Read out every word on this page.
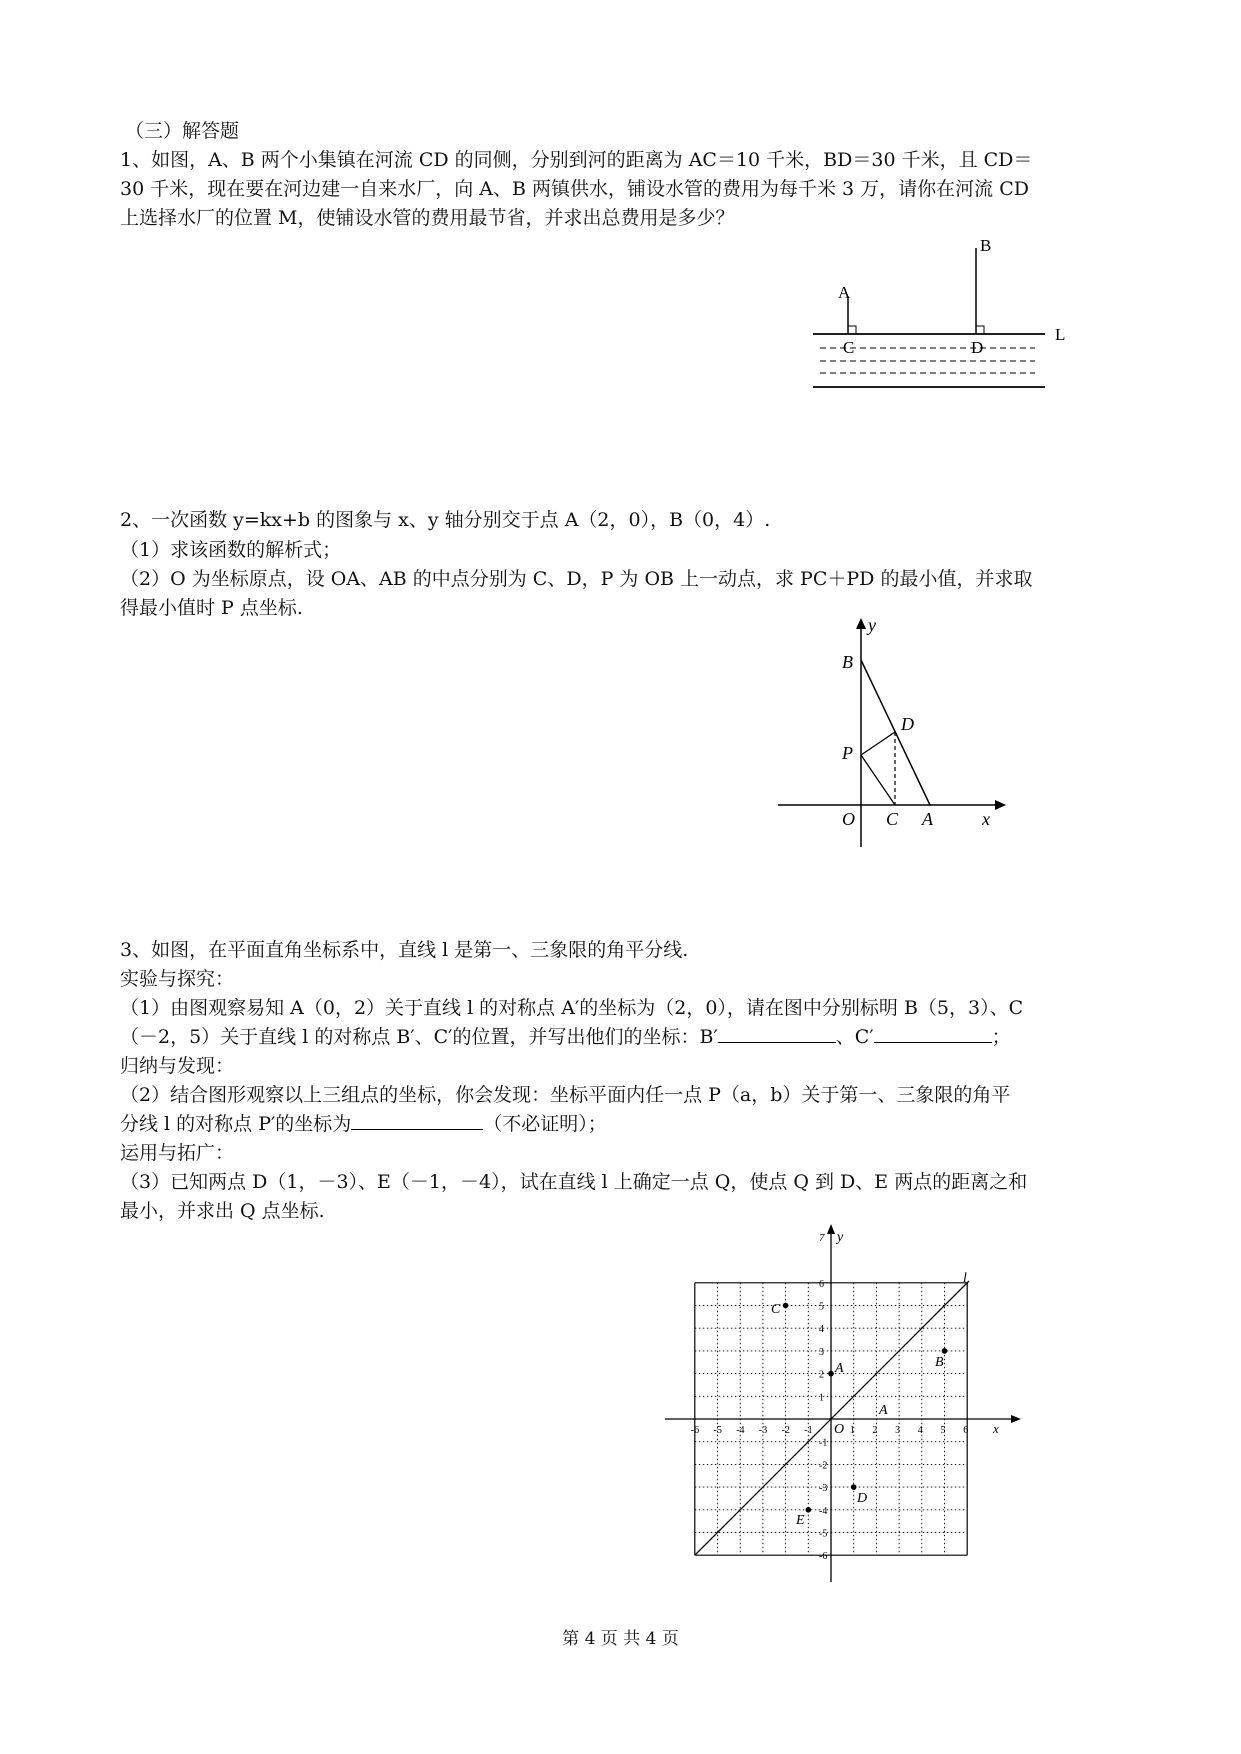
（三）解答题
1、如图，A、B 两个小集镇在河流 CD 的同侧，分别到河的距离为 AC＝10 千米，BD＝30 千米，且 CD＝
30 千米，现在要在河边建一自来水厂，向 A、B 两镇供水，铺设水管的费用为每千米 3 万，请你在河流 CD
上选择水厂的位置 M，使铺设水管的费用最节省，并求出总费用是多少？
A
B
C	D
L
2、一次函数 y=kx+b 的图象与 x、y 轴分别交于点 A（2，0），B（0，4）.
（1）求该函数的解析式；
（2）O 为坐标原点，设 OA、AB 的中点分别为 C、D，P 为 OB 上一动点，求 PC＋PD 的最小值，并求取
得最小值时 P 点坐标.
y
B
D
P
O C A	x
3、如图，在平面直角坐标系中，直线 l 是第一、三象限的角平分线.
实验与探究：
（1）由图观察易知 A（0，2）关于直线 l 的对称点 A′的坐标为（2，0），请在图中分别标明 B（5，3）、C
（－2，5）关于直线 l 的对称点 B′、C′的位置，并写出他们的坐标：B′	、C′	；
归纳与发现：
（2）结合图形观察以上三组点的坐标，你会发现：坐标平面内任一点 P（a，b）关于第一、三象限的角平
分线 l 的对称点 P′的坐标为	（不必证明）；
运用与拓广：
（3）已知两点 D（1，－3）、E（－1，－4），试在直线 l 上确定一点 Q，使点 Q 到 D、E 两点的距离之和
最小，并求出 Q 点坐标.
-6 -5 -4 -3 -2 -1	1 2 3 4 5 6
6
5
4
3
2
1
-1
-2
-3
-4
-5
-6
y
7
x
O
l
A
A
C
B
D
E
第 4 页 共 4 页
